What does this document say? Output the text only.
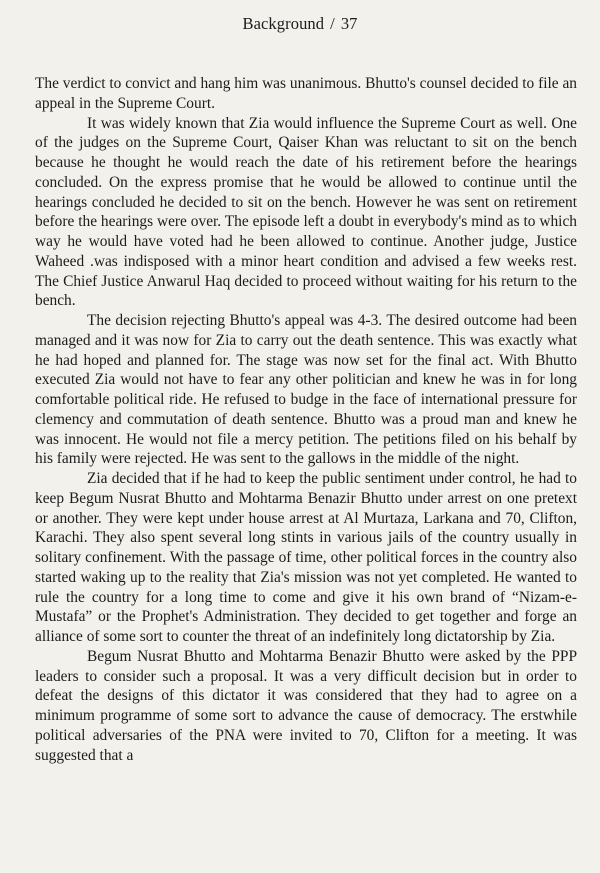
Background / 37

The verdict to convict and hang him was unanimous. Bhutto's counsel decided to file an appeal in the Supreme Court.

It was widely known that Zia would influence the Supreme Court as well. One of the judges on the Supreme Court, Qaiser Khan was reluctant to sit on the bench because he thought he would reach the date of his retirement before the hearings concluded. On the express promise that he would be allowed to continue until the hearings concluded he decided to sit on the bench. However he was sent on retirement before the hearings were over. The episode left a doubt in everybody's mind as to which way he would have voted had he been allowed to continue. Another judge, Justice Waheed .was indisposed with a minor heart condition and advised a few weeks rest. The Chief Justice Anwarul Haq decided to proceed without waiting for his return to the bench.

The decision rejecting Bhutto's appeal was 4-3. The desired outcome had been managed and it was now for Zia to carry out the death sentence. This was exactly what he had hoped and planned for. The stage was now set for the final act. With Bhutto executed Zia would not have to fear any other politician and knew he was in for long comfortable political ride. He refused to budge in the face of international pressure for clemency and commutation of death sentence. Bhutto was a proud man and knew he was innocent. He would not file a mercy petition. The petitions filed on his behalf by his family were rejected. He was sent to the gallows in the middle of the night.

Zia decided that if he had to keep the public sentiment under control, he had to keep Begum Nusrat Bhutto and Mohtarma Benazir Bhutto under arrest on one pretext or another. They were kept under house arrest at Al Murtaza, Larkana and 70, Clifton, Karachi. They also spent several long stints in various jails of the country usually in solitary confinement. With the passage of time, other political forces in the country also started waking up to the reality that Zia's mission was not yet completed. He wanted to rule the country for a long time to come and give it his own brand of “Nizam-e-Mustafa” or the Prophet's Administration. They decided to get together and forge an alliance of some sort to counter the threat of an indefinitely long dictatorship by Zia.

Begum Nusrat Bhutto and Mohtarma Benazir Bhutto were asked by the PPP leaders to consider such a proposal. It was a very difficult decision but in order to defeat the designs of this dictator it was considered that they had to agree on a minimum programme of some sort to advance the cause of democracy. The erstwhile political adversaries of the PNA were invited to 70, Clifton for a meeting. It was suggested that a
